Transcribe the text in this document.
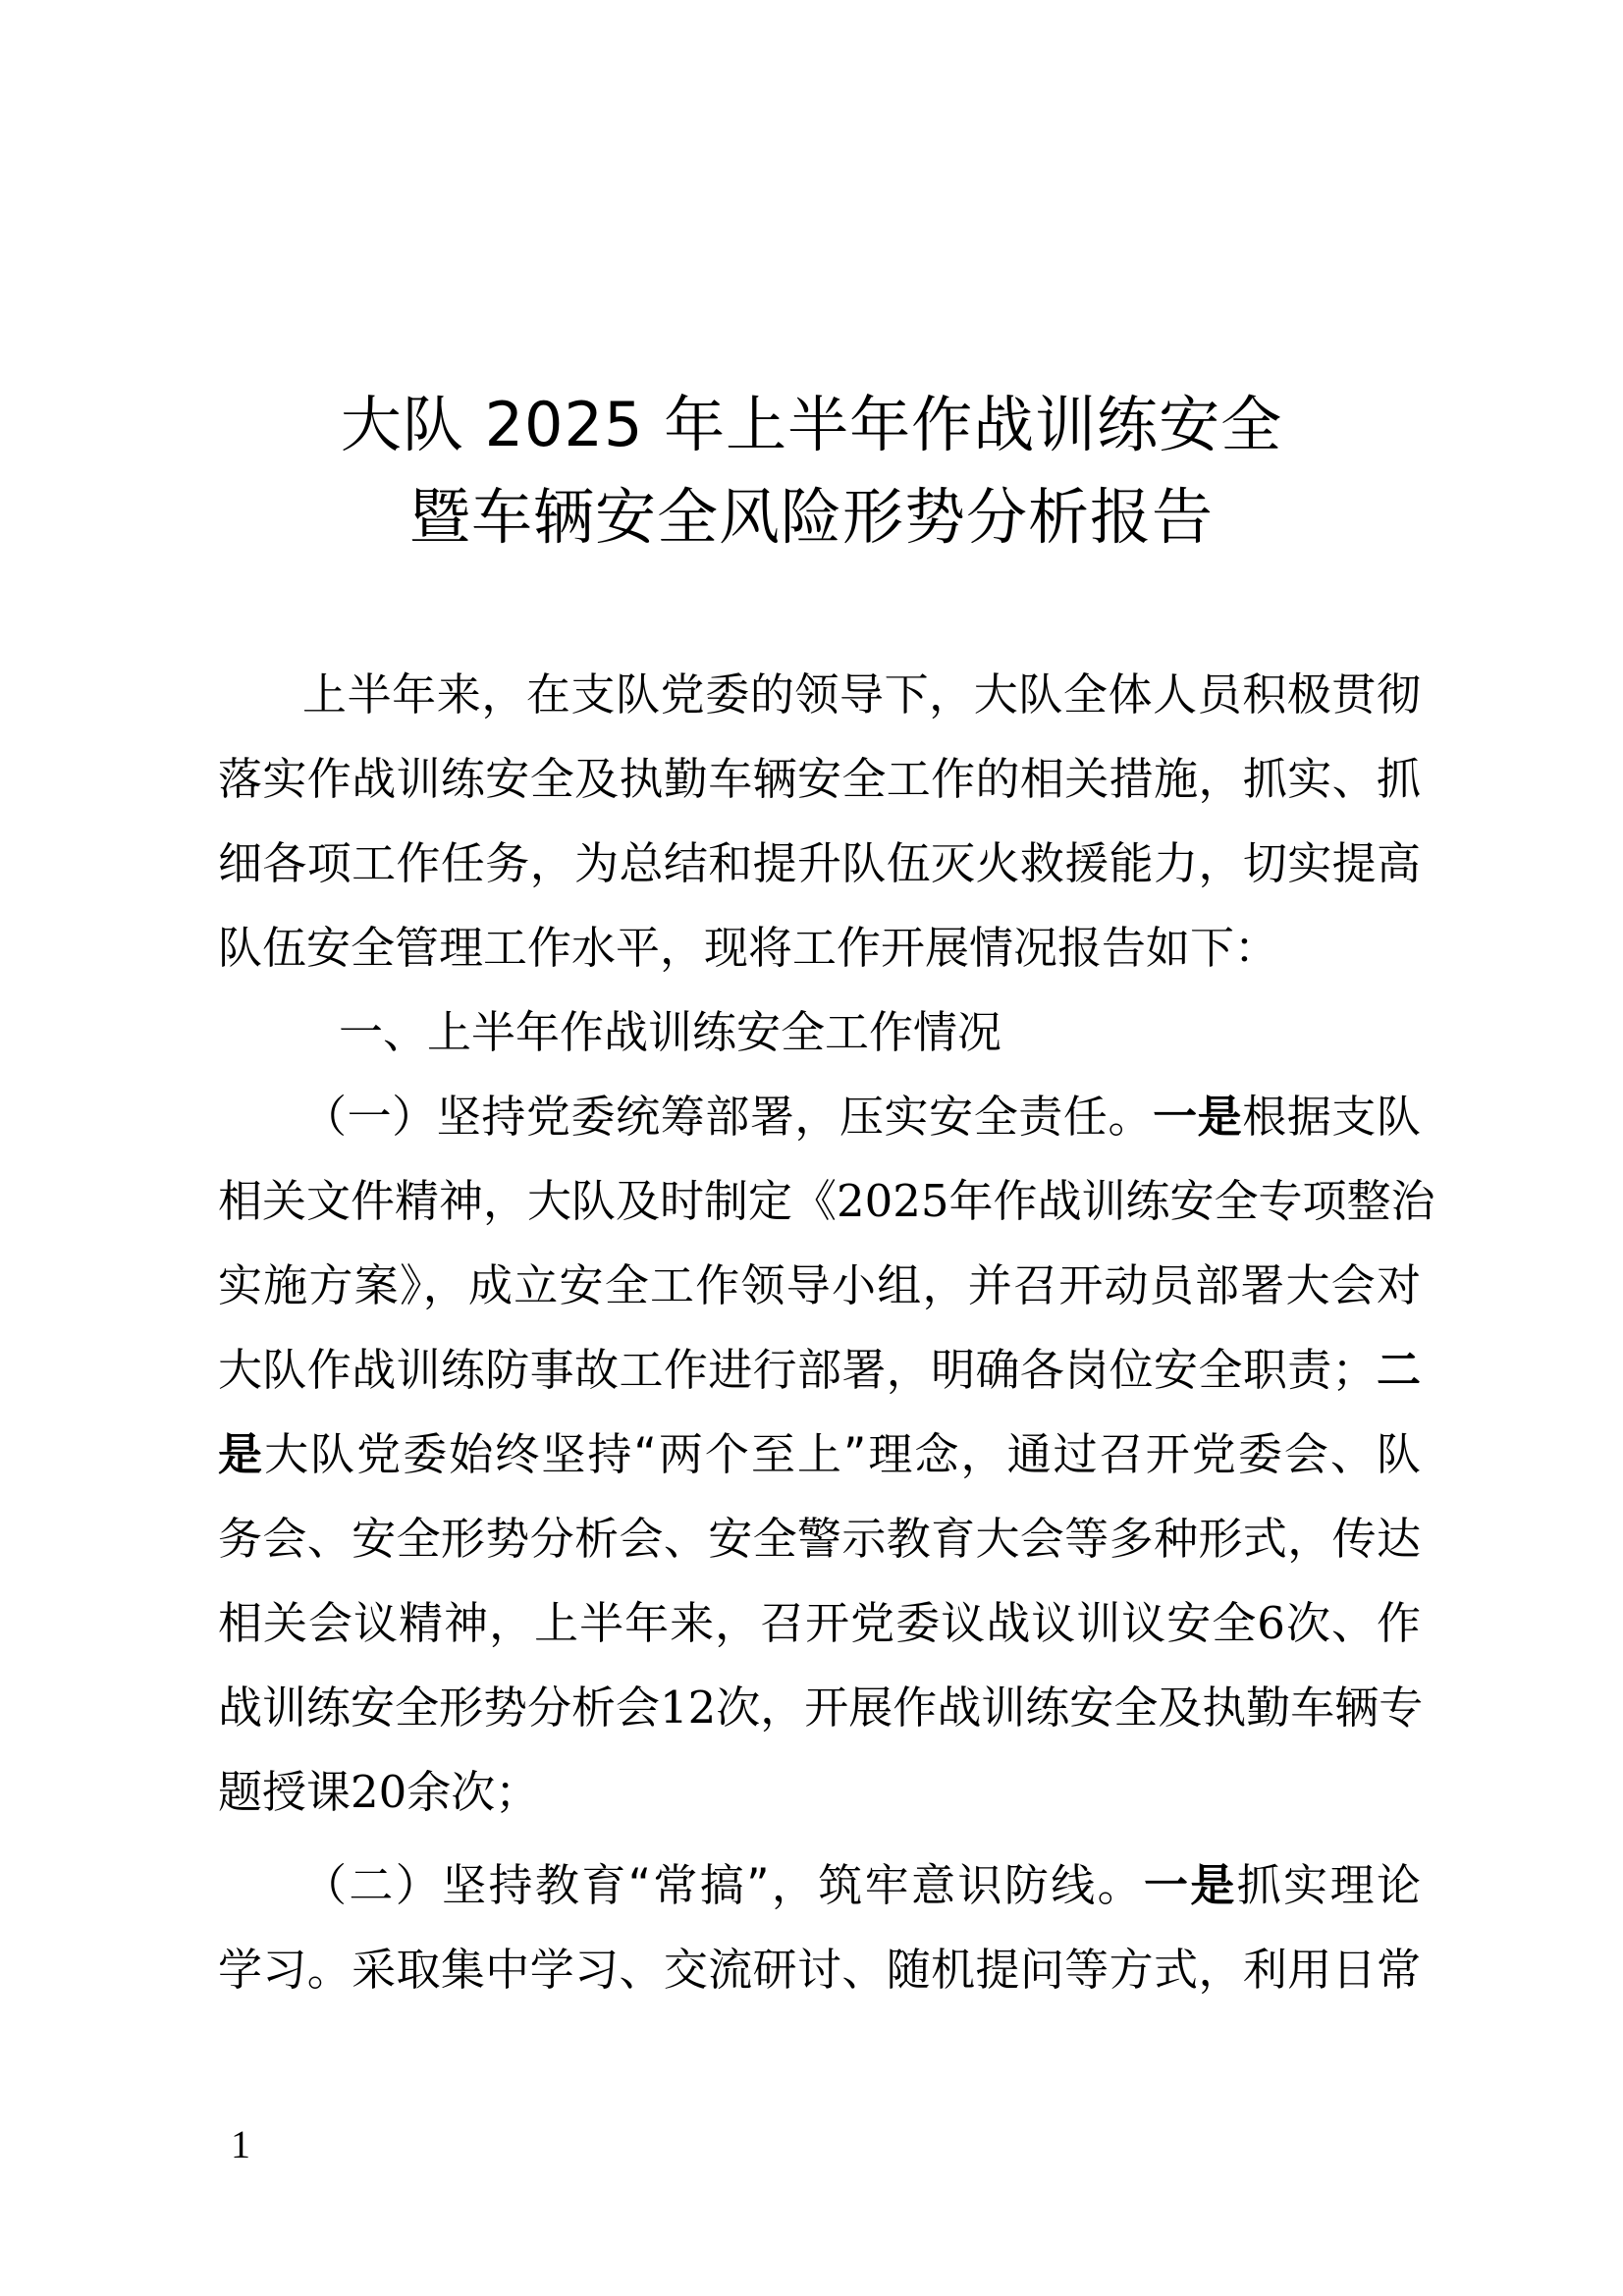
大队 2025 年上半年作战训练安全
暨车辆安全风险形势分析报告
上半年来，在支队党委的领导下，大队全体人员积极贯彻
落实作战训练安全及执勤车辆安全工作的相关措施，抓实、抓
细各项工作任务，为总结和提升队伍灭火救援能力，切实提高
队伍安全管理工作水平，现将工作开展情况报告如下：
一、上半年作战训练安全工作情况
（一）坚持党委统筹部署，压实安全责任。一是根据支队
相关文件精神，大队及时制定《2025年作战训练安全专项整治
实施方案》，成立安全工作领导小组，并召开动员部署大会对
大队作战训练防事故工作进行部署，明确各岗位安全职责；二
是大队党委始终坚持“两个至上”理念，通过召开党委会、队
务会、安全形势分析会、安全警示教育大会等多种形式，传达
相关会议精神，上半年来，召开党委议战议训议安全6次、作
战训练安全形势分析会12次，开展作战训练安全及执勤车辆专
题授课20余次；
（二）坚持教育“常搞”，筑牢意识防线。一是抓实理论
学习。采取集中学习、交流研讨、随机提问等方式，利用日常
1
